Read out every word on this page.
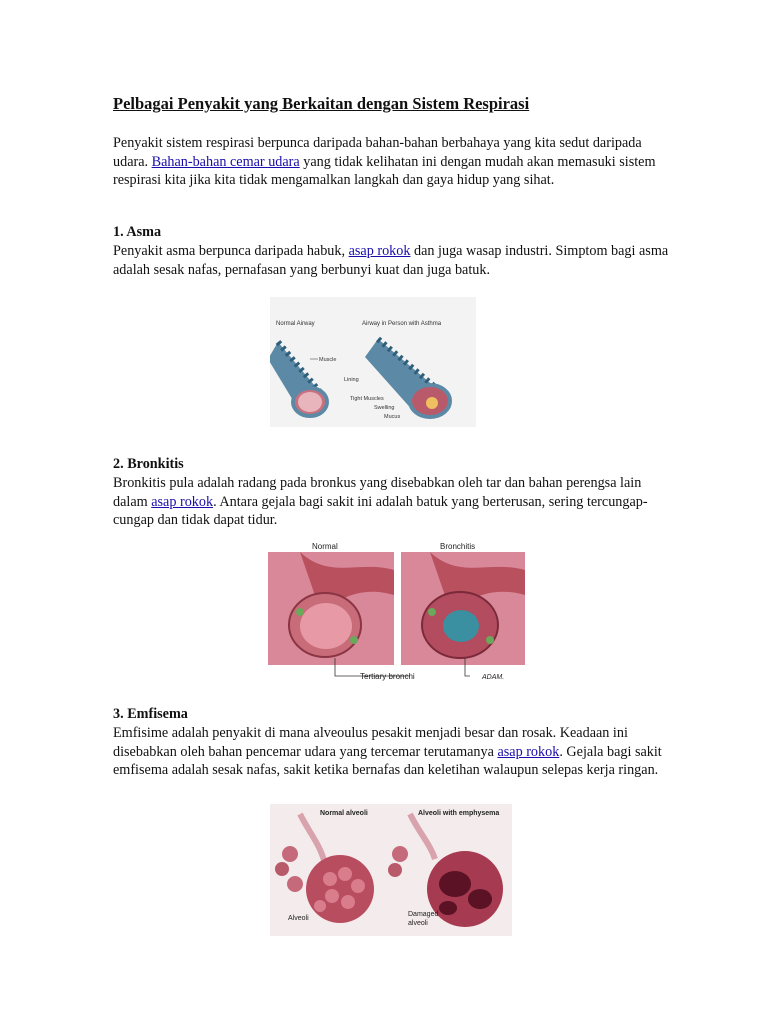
Pelbagai Penyakit yang Berkaitan dengan Sistem Respirasi

Penyakit sistem respirasi berpunca daripada bahan-bahan berbahaya yang kita sedut daripada udara. Bahan-bahan cemar udara yang tidak kelihatan ini dengan mudah akan memasuki sistem respirasi kita jika kita tidak mengamalkan langkah dan gaya hidup yang sihat.

1. Asma

Penyakit asma berpunca daripada habuk, asap rokok dan juga wasap industri. Simptom bagi asma adalah sesak nafas, pernafasan yang berbunyi kuat dan juga batuk.

2. Bronkitis

Bronkitis pula adalah radang pada bronkus yang disebabkan oleh tar dan bahan perengsa lain dalam asap rokok. Antara gejala bagi sakit ini adalah batuk yang berterusan, sering tercungap-cungap dan tidak dapat tidur.

3. Emfisema

Emfisime adalah penyakit di mana alveoulus pesakit menjadi besar dan rosak. Keadaan ini disebabkan oleh bahan pencemar udara yang tercemar terutamanya asap rokok. Gejala bagi sakit emfisema adalah sesak nafas, sakit ketika bernafas dan keletihan walaupun selepas kerja ringan.

Normal Airway	Airway in Person with Asthma
Muscle
Lining
Tight Muscles
Swelling
Mucus
Normal	Bronchitis
Tertiary bronchi	ADAM.
Normal alveoli	Alveoli with emphysema
Alveoli
Damaged
alveoli
